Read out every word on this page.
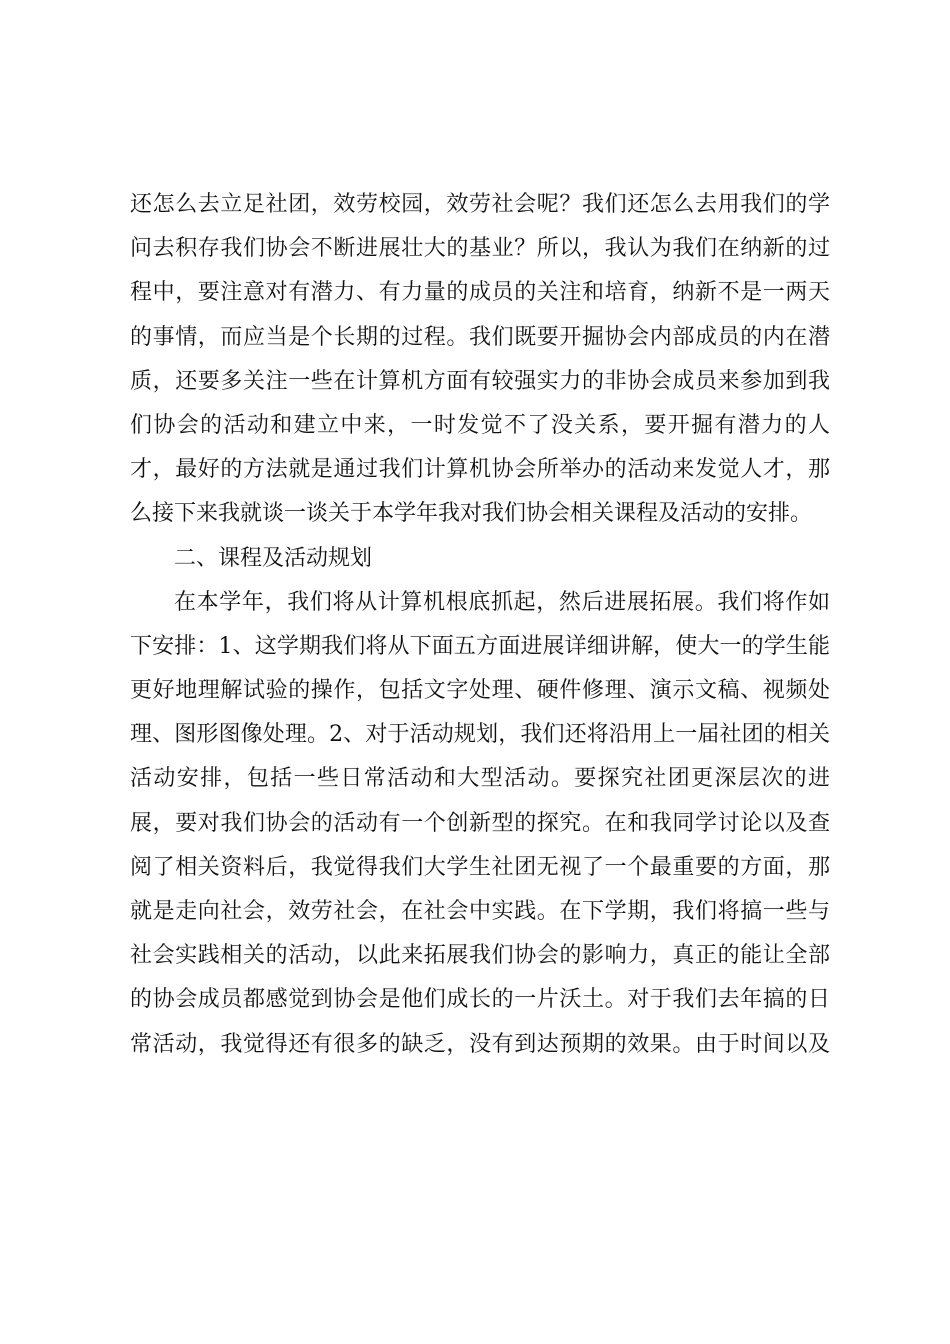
还怎么去立足社团，效劳校园，效劳社会呢？我们还怎么去用我们的学
问去积存我们协会不断进展壮大的基业？所以，我认为我们在纳新的过
程中，要注意对有潜力、有力量的成员的关注和培育，纳新不是一两天
的事情，而应当是个长期的过程。我们既要开掘协会内部成员的内在潜
质，还要多关注一些在计算机方面有较强实力的非协会成员来参加到我
们协会的活动和建立中来，一时发觉不了没关系，要开掘有潜力的人
才，最好的方法就是通过我们计算机协会所举办的活动来发觉人才，那
么接下来我就谈一谈关于本学年我对我们协会相关课程及活动的安排。
二、课程及活动规划
在本学年，我们将从计算机根底抓起，然后进展拓展。我们将作如
下安排：1、这学期我们将从下面五方面进展详细讲解，使大一的学生能
更好地理解试验的操作，包括文字处理、硬件修理、演示文稿、视频处
理、图形图像处理。2、对于活动规划，我们还将沿用上一届社团的相关
活动安排，包括一些日常活动和大型活动。要探究社团更深层次的进
展，要对我们协会的活动有一个创新型的探究。在和我同学讨论以及查
阅了相关资料后，我觉得我们大学生社团无视了一个最重要的方面，那
就是走向社会，效劳社会，在社会中实践。在下学期，我们将搞一些与
社会实践相关的活动，以此来拓展我们协会的影响力，真正的能让全部
的协会成员都感觉到协会是他们成长的一片沃土。对于我们去年搞的日
常活动，我觉得还有很多的缺乏，没有到达预期的效果。由于时间以及
